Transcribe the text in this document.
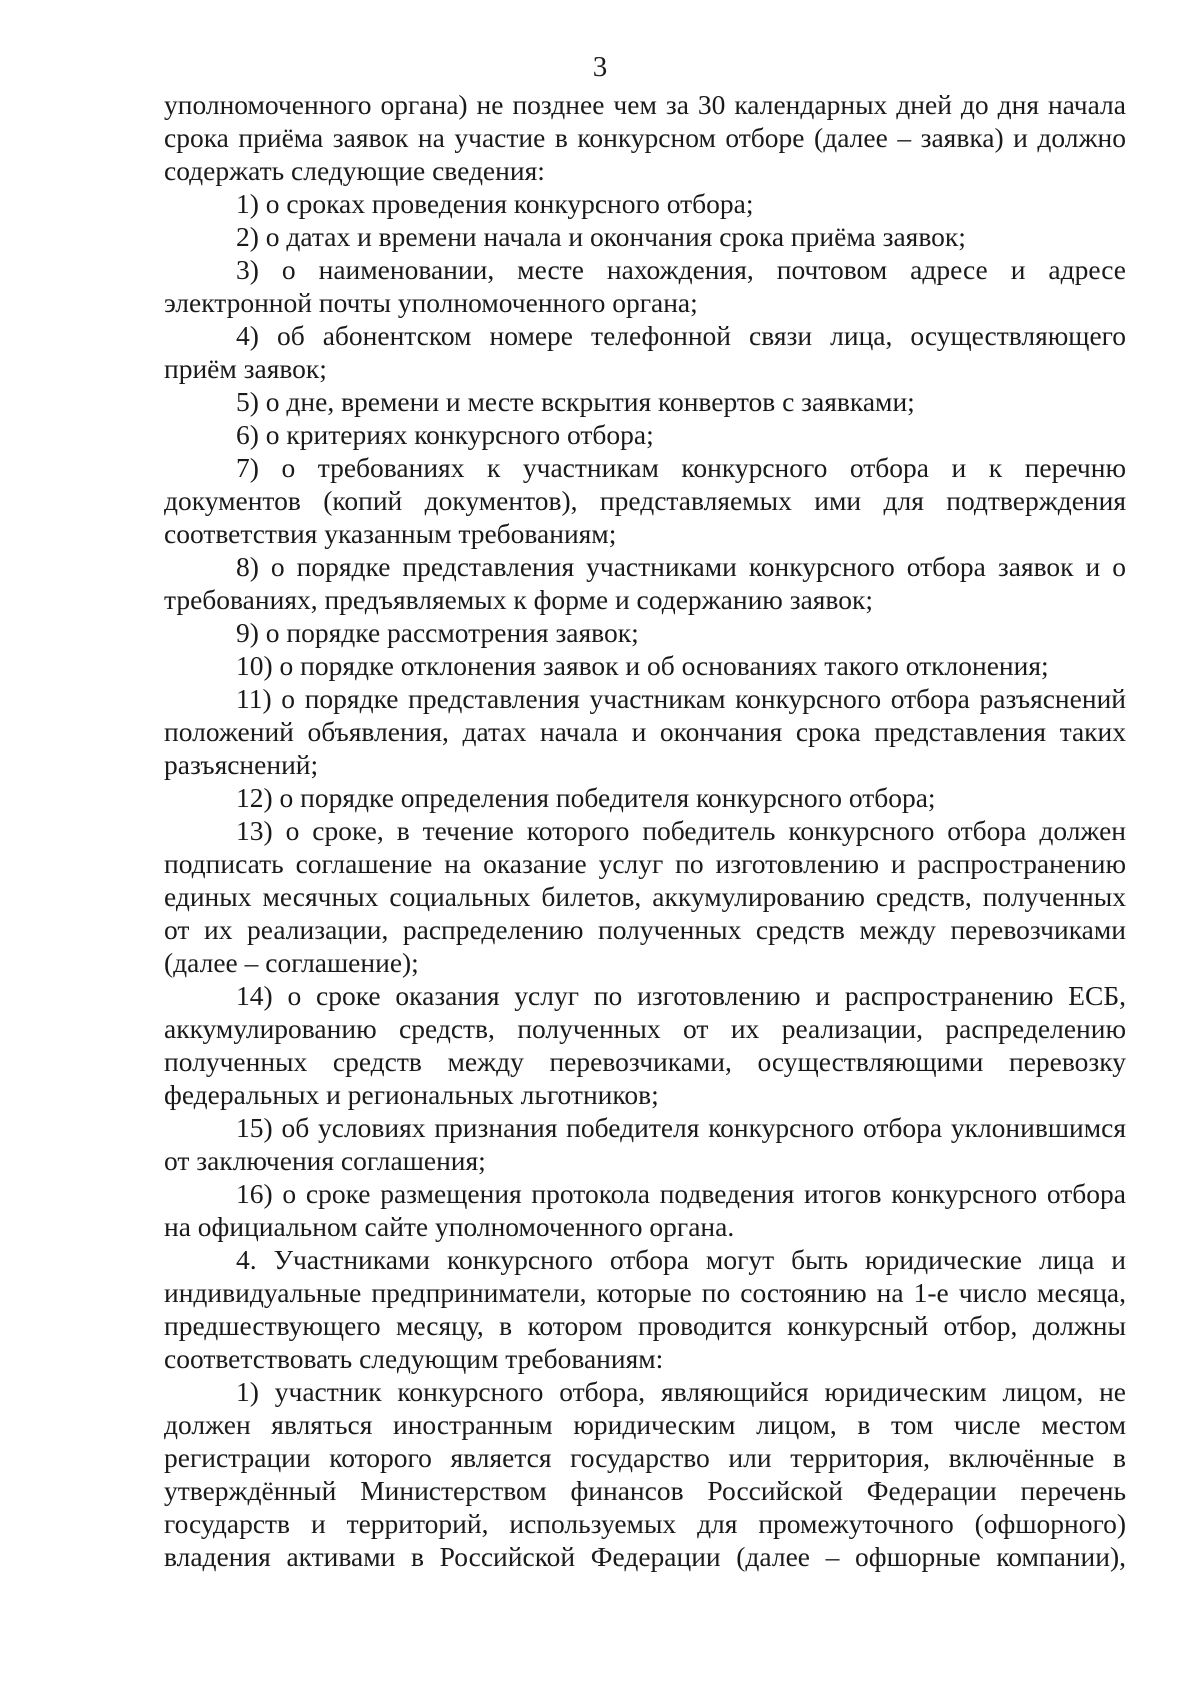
3

уполномоченного органа) не позднее чем за 30 календарных дней до дня начала срока приёма заявок на участие в конкурсном отборе (далее – заявка) и должно содержать следующие сведения:

1) о сроках проведения конкурсного отбора;

2) о датах и времени начала и окончания срока приёма заявок;

3) о наименовании, месте нахождения, почтовом адресе и адресе электронной почты уполномоченного органа;

4) об абонентском номере телефонной связи лица, осуществляющего приём заявок;

5) о дне, времени и месте вскрытия конвертов с заявками;

6) о критериях конкурсного отбора;

7) о требованиях к участникам конкурсного отбора и к перечню документов (копий документов), представляемых ими для подтверждения соответствия указанным требованиям;

8) о порядке представления участниками конкурсного отбора заявок и о требованиях, предъявляемых к форме и содержанию заявок;

9) о порядке рассмотрения заявок;

10) о порядке отклонения заявок и об основаниях такого отклонения;

11) о порядке представления участникам конкурсного отбора разъяснений положений объявления, датах начала и окончания срока представления таких разъяснений;

12) о порядке определения победителя конкурсного отбора;

13) о сроке, в течение которого победитель конкурсного отбора должен подписать соглашение на оказание услуг по изготовлению и распространению единых месячных социальных билетов, аккумулированию средств, полученных от их реализации, распределению полученных средств между перевозчиками (далее – соглашение);

14) о сроке оказания услуг по изготовлению и распространению ЕСБ, аккумулированию средств, полученных от их реализации, распределению полученных средств между перевозчиками, осуществляющими перевозку федеральных и региональных льготников;

15) об условиях признания победителя конкурсного отбора уклонившимся от заключения соглашения;

16) о сроке размещения протокола подведения итогов конкурсного отбора на официальном сайте уполномоченного органа.

4. Участниками конкурсного отбора могут быть юридические лица и индивидуальные предприниматели, которые по состоянию на 1-е число месяца, предшествующего месяцу, в котором проводится конкурсный отбор, должны соответствовать следующим требованиям:

1) участник конкурсного отбора, являющийся юридическим лицом, не должен являться иностранным юридическим лицом, в том числе местом регистрации которого является государство или территория, включённые в утверждённый Министерством финансов Российской Федерации перечень государств и территорий, используемых для промежуточного (офшорного) владения активами в Российской Федерации (далее – офшорные компании),
